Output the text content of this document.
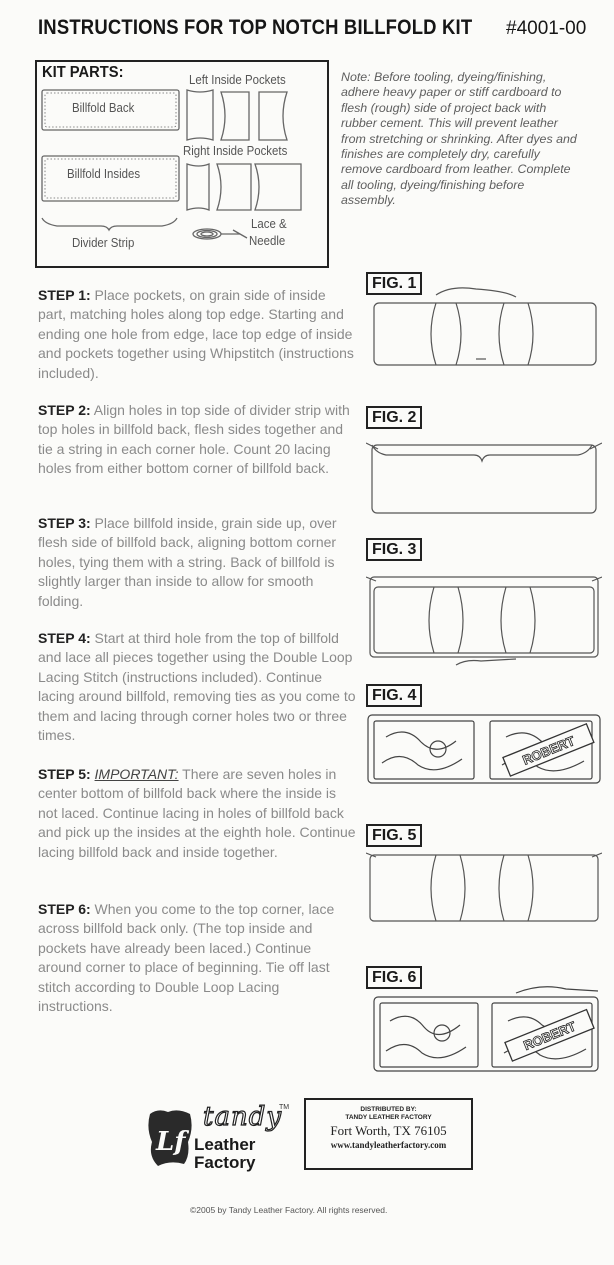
INSTRUCTIONS FOR TOP NOTCH BILLFOLD KIT #4001-00
KIT PARTS:
Billfold Back
Left Inside Pockets
Billfold Insides
Right Inside Pockets
Divider Strip
Lace &
Needle
Note: Before tooling, dyeing/finishing, adhere heavy paper or stiff cardboard to flesh (rough) side of project back with rubber cement. This will prevent leather from stretching or shrinking. After dyes and finishes are completely dry, carefully remove cardboard from leather. Complete all tooling, dyeing/finishing before assembly.
STEP 1: Place pockets, on grain side of inside part, matching holes along top edge. Starting and ending one hole from edge, lace top edge of inside and pockets together using Whipstitch (instructions included).
STEP 2: Align holes in top side of divider strip with top holes in billfold back, flesh sides together and tie a string in each corner hole. Count 20 lacing holes from either bottom corner of billfold back.
STEP 3: Place billfold inside, grain side up, over flesh side of billfold back, aligning bottom corner holes, tying them with a string. Back of billfold is slightly larger than inside to allow for smooth folding.
STEP 4: Start at third hole from the top of billfold and lace all pieces together using the Double Loop Lacing Stitch (instructions included). Continue lacing around billfold, removing ties as you come to them and lacing through corner holes two or three times.
STEP 5: IMPORTANT: There are seven holes in center bottom of billfold back where the inside is not laced. Continue lacing in holes of billfold back and pick up the insides at the eighth hole. Continue lacing billfold back and inside together.
STEP 6: When you come to the top corner, lace across billfold back only. (The top inside and pockets have already been laced.) Continue around corner to place of beginning. Tie off last stitch according to Double Loop Lacing instructions.
FIG. 1
FIG. 2
FIG. 3
FIG. 4
ROBERT
FIG. 5
FIG. 6
ROBERT
Lf
tandy
TM
Leather
Factory
DISTRIBUTED BY:
TANDY LEATHER FACTORY
Fort Worth, TX 76105
www.tandyleatherfactory.com
©2005 by Tandy Leather Factory. All rights reserved.
